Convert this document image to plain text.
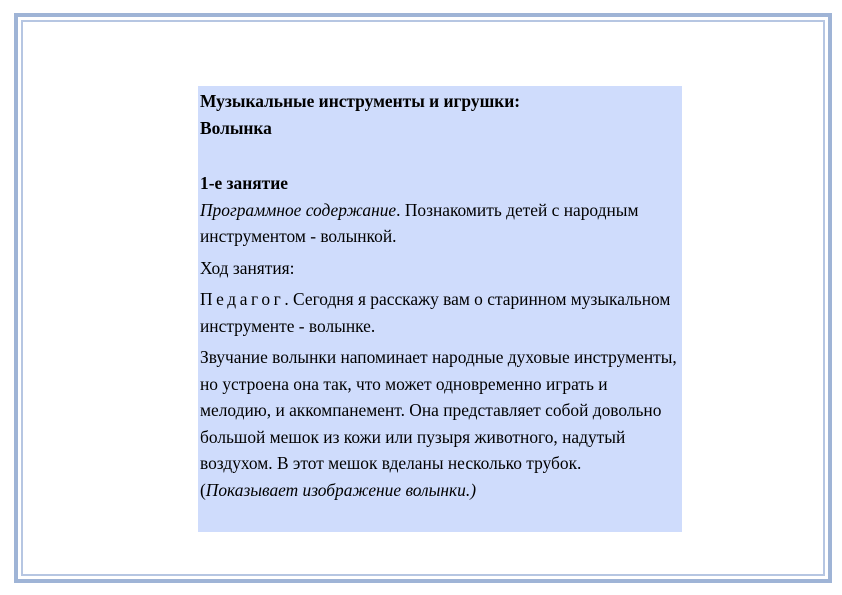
Музыкальные инструменты и игрушки:
Волынка
1-е занятие

Программное содержание. Познакомить детей с народным инструментом - волынкой.

Ход занятия:

Педагог. Сегодня я расскажу вам о старинном музыкальном инструменте - волынке.

Звучание волынки напоминает народные духовые инструменты, но устроена она так, что может одновременно играть и мелодию, и аккомпанемент. Она представляет собой довольно большой мешок из кожи или пузыря животного, надутый воздухом. В этот мешок вделаны несколько трубок. (Показывает изображение волынки.)
